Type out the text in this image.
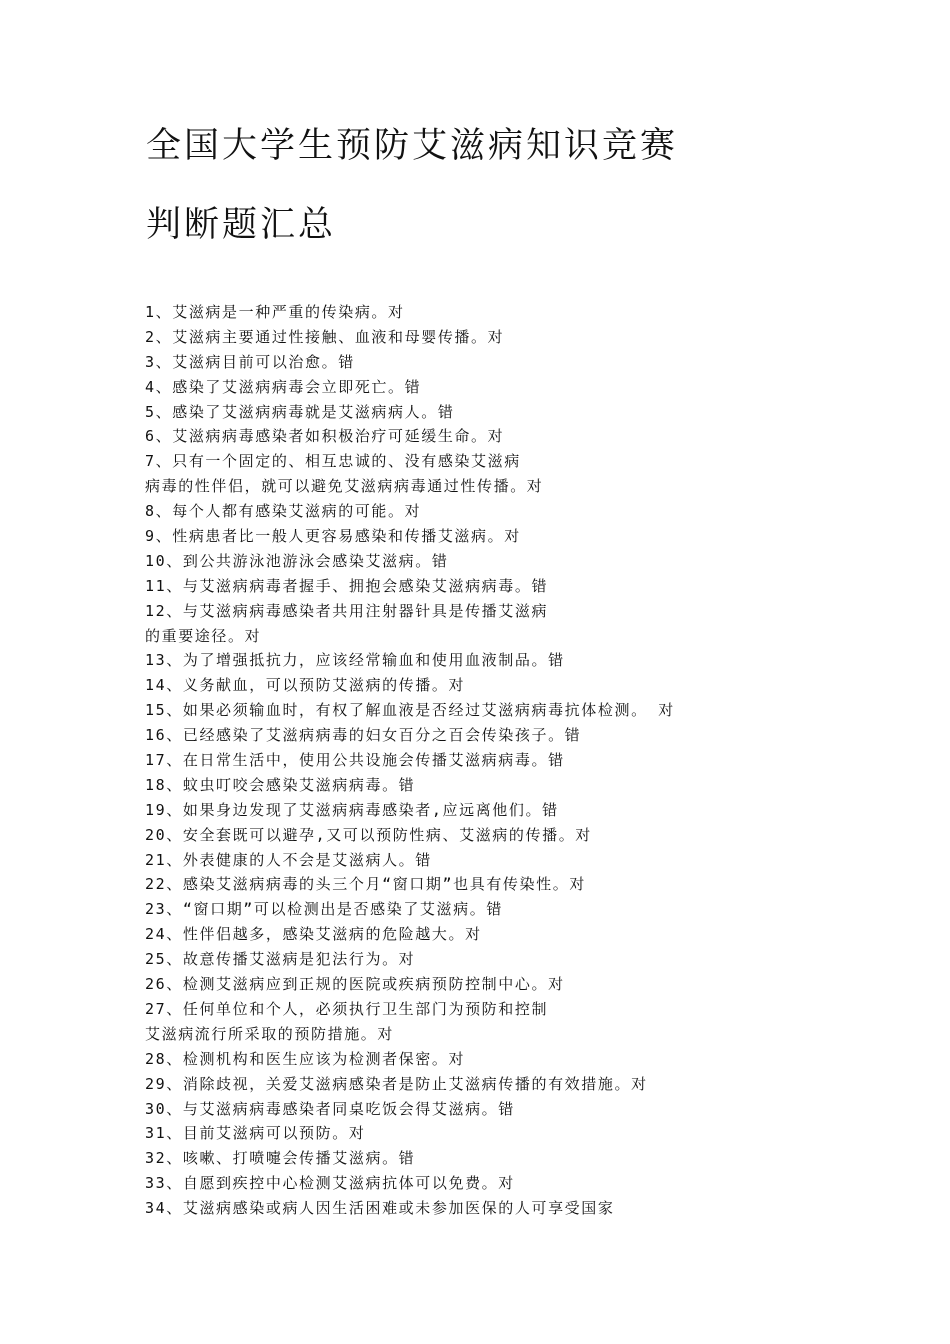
全国大学生预防艾滋病知识竞赛
判断题汇总
1、艾滋病是一种严重的传染病。对
2、艾滋病主要通过性接触、血液和母婴传播。对
3、艾滋病目前可以治愈。错
4、感染了艾滋病病毒会立即死亡。错
5、感染了艾滋病病毒就是艾滋病病人。错
6、艾滋病病毒感染者如积极治疗可延缓生命。对
7、只有一个固定的、相互忠诚的、没有感染艾滋病
病毒的性伴侣，就可以避免艾滋病病毒通过性传播。对
8、每个人都有感染艾滋病的可能。对
9、性病患者比一般人更容易感染和传播艾滋病。对
10、到公共游泳池游泳会感染艾滋病。错
11、与艾滋病病毒者握手、拥抱会感染艾滋病病毒。错
12、与艾滋病病毒感染者共用注射器针具是传播艾滋病
的重要途径。对
13、为了增强抵抗力，应该经常输血和使用血液制品。错
14、义务献血，可以预防艾滋病的传播。对
15、如果必须输血时，有权了解血液是否经过艾滋病病毒抗体检测。 对
16、已经感染了艾滋病病毒的妇女百分之百会传染孩子。错
17、在日常生活中，使用公共设施会传播艾滋病病毒。错
18、蚊虫叮咬会感染艾滋病病毒。错
19、如果身边发现了艾滋病病毒感染者,应远离他们。错
20、安全套既可以避孕,又可以预防性病、艾滋病的传播。对
21、外表健康的人不会是艾滋病人。错
22、感染艾滋病病毒的头三个月“窗口期”也具有传染性。对
23、“窗口期”可以检测出是否感染了艾滋病。错
24、性伴侣越多，感染艾滋病的危险越大。对
25、故意传播艾滋病是犯法行为。对
26、检测艾滋病应到正规的医院或疾病预防控制中心。对
27、任何单位和个人，必须执行卫生部门为预防和控制
艾滋病流行所采取的预防措施。对
28、检测机构和医生应该为检测者保密。对
29、消除歧视，关爱艾滋病感染者是防止艾滋病传播的有效措施。对
30、与艾滋病病毒感染者同桌吃饭会得艾滋病。错
31、目前艾滋病可以预防。对
32、咳嗽、打喷嚏会传播艾滋病。错
33、自愿到疾控中心检测艾滋病抗体可以免费。对
34、艾滋病感染或病人因生活困难或未参加医保的人可享受国家
